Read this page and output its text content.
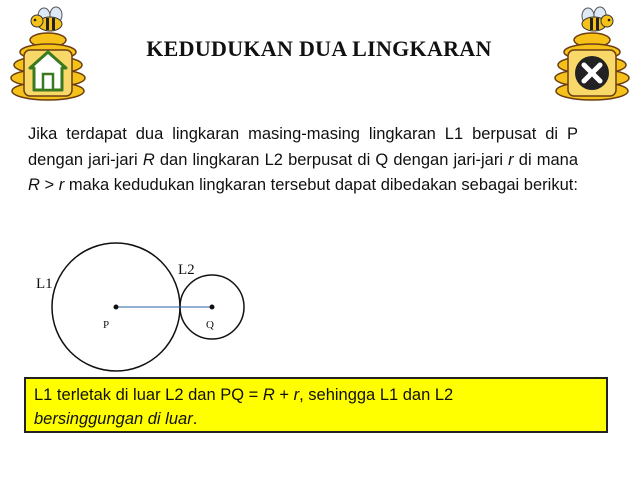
KEDUDUKAN DUA LINGKARAN
Jika terdapat dua lingkaran masing-masing lingkaran L1 berpusat di P dengan jari-jari R dan lingkaran L2 berpusat di Q dengan jari-jari r di mana R > r maka kedudukan lingkaran tersebut dapat dibedakan sebagai berikut:
L1
L2
P	Q
L1 terletak di luar L2 dan PQ = R + r, sehingga L1 dan L2
bersinggungan di luar.
